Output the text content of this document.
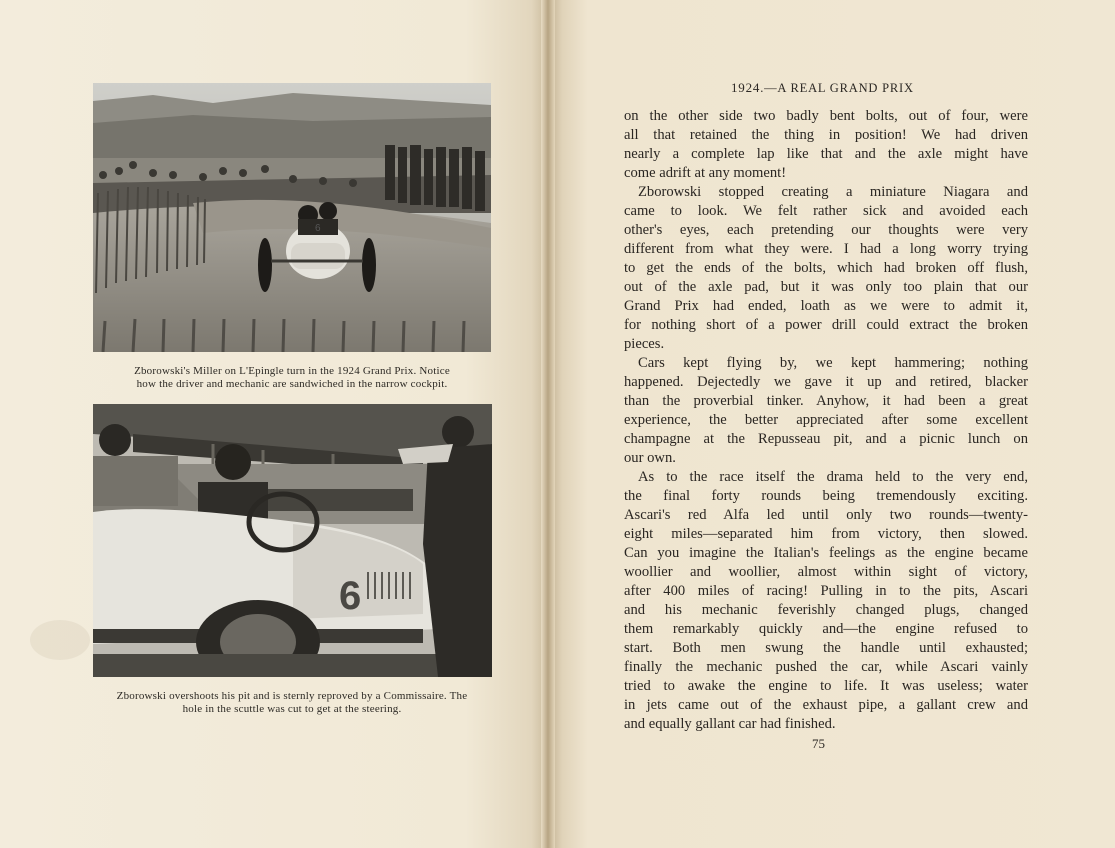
6
Zborowski's Miller on L'Epingle turn in the 1924 Grand Prix. Notice
how the driver and mechanic are sandwiched in the narrow cockpit.
6
Zborowski overshoots his pit and is sternly reproved by a Commissaire. The
hole in the scuttle was cut to get at the steering.
1924.—A REAL GRAND PRIX
on the other side two badly bent bolts, out of four, were
all that retained the thing in position! We had driven
nearly a complete lap like that and the axle might have
come adrift at any moment!
Zborowski stopped creating a miniature Niagara and
came to look. We felt rather sick and avoided each
other's eyes, each pretending our thoughts were very
different from what they were. I had a long worry trying
to get the ends of the bolts, which had broken off flush,
out of the axle pad, but it was only too plain that our
Grand Prix had ended, loath as we were to admit it,
for nothing short of a power drill could extract the broken
pieces.
Cars kept flying by, we kept hammering; nothing
happened. Dejectedly we gave it up and retired, blacker
than the proverbial tinker. Anyhow, it had been a great
experience, the better appreciated after some excellent
champagne at the Repusseau pit, and a picnic lunch on
our own.
As to the race itself the drama held to the very end,
the final forty rounds being tremendously exciting.
Ascari's red Alfa led until only two rounds—twenty-
eight miles—separated him from victory, then slowed.
Can you imagine the Italian's feelings as the engine became
woollier and woollier, almost within sight of victory,
after 400 miles of racing! Pulling in to the pits, Ascari
and his mechanic feverishly changed plugs, changed
them remarkably quickly and—the engine refused to
start. Both men swung the handle until exhausted;
finally the mechanic pushed the car, while Ascari vainly
tried to awake the engine to life. It was useless; water
in jets came out of the exhaust pipe, a gallant crew and
and equally gallant car had finished.
75
